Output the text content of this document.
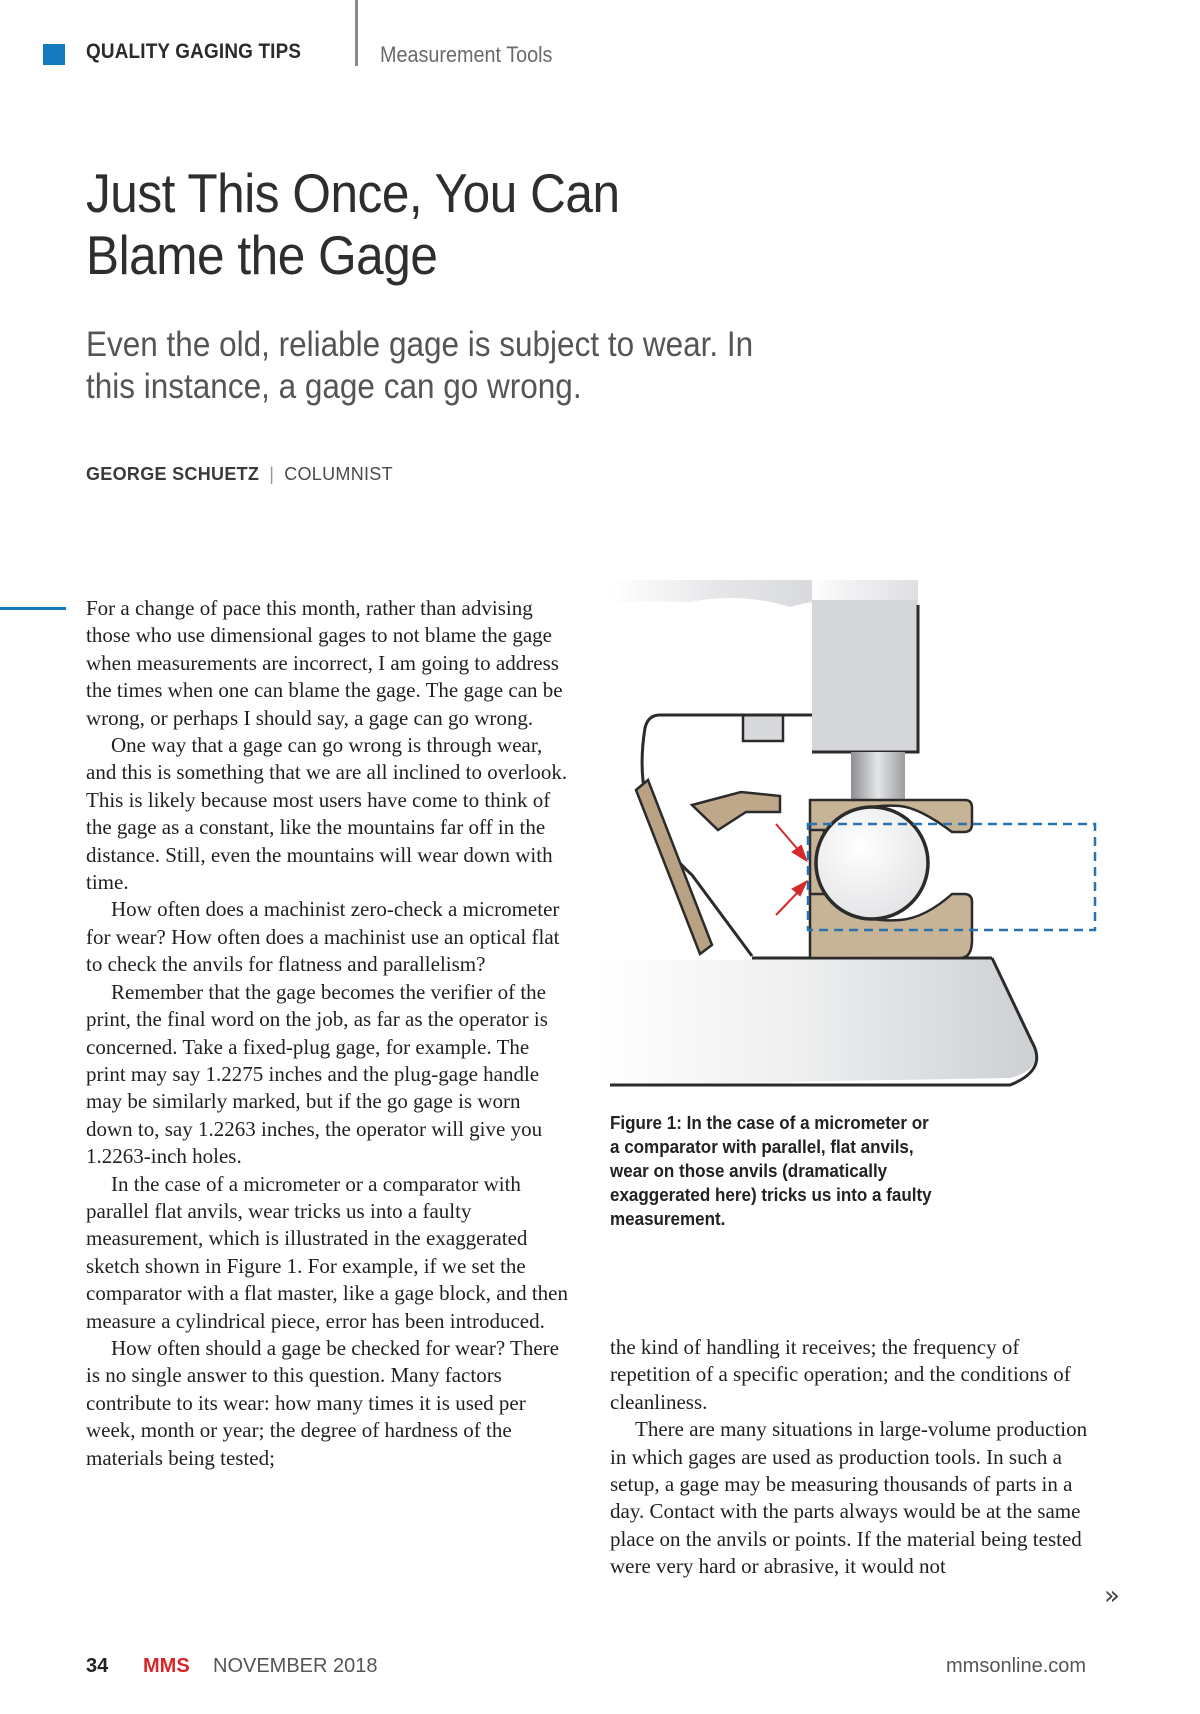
QUALITY GAGING TIPS	Measurement Tools
Just This Once, You Can
Blame the Gage
Even the old, reliable gage is subject to wear. In
this instance, a gage can go wrong.
GEORGE SCHUETZ | COLUMNIST

For a change of pace this month, rather than advising those who use dimensional gages to not blame the gage when measurements are incorrect, I am going to address the times when one can blame the gage. The gage can be wrong, or perhaps I should say, a gage can go wrong.

One way that a gage can go wrong is through wear, and this is something that we are all inclined to overlook. This is likely because most users have come to think of the gage as a constant, like the mountains far off in the distance. Still, even the mountains will wear down with time.

How often does a machinist zero-check a micrometer for wear? How often does a machinist use an optical flat to check the anvils for flatness and parallelism?

Remember that the gage becomes the verifier of the print, the final word on the job, as far as the operator is concerned. Take a fixed-plug gage, for example. The print may say 1.2275 inches and the plug-gage handle may be similarly marked, but if the go gage is worn down to, say 1.2263 inches, the operator will give you 1.2263-inch holes.

In the case of a micrometer or a comparator with parallel flat anvils, wear tricks us into a faulty measurement, which is illustrated in the exaggerated sketch shown in Figure 1. For example, if we set the comparator with a flat master, like a gage block, and then measure a cylindrical piece, error has been introduced.

How often should a gage be checked for wear? There is no single answer to this question. Many factors contribute to its wear: how many times it is used per week, month or year; the degree of hardness of the materials being tested;

the kind of handling it receives; the frequency of repetition of a specific operation; and the conditions of cleanliness.

There are many situations in large-volume production in which gages are used as production tools. In such a setup, a gage may be measuring thousands of parts in a day. Contact with the parts always would be at the same place on the anvils or points. If the material being tested were very hard or abrasive, it would not

»
Figure 1: In the case of a micrometer or a comparator with parallel, flat anvils, wear on those anvils (dramatically exaggerated here) tricks us into a faulty measurement.
34 MMS NOVEMBER 2018	mmsonline.com
